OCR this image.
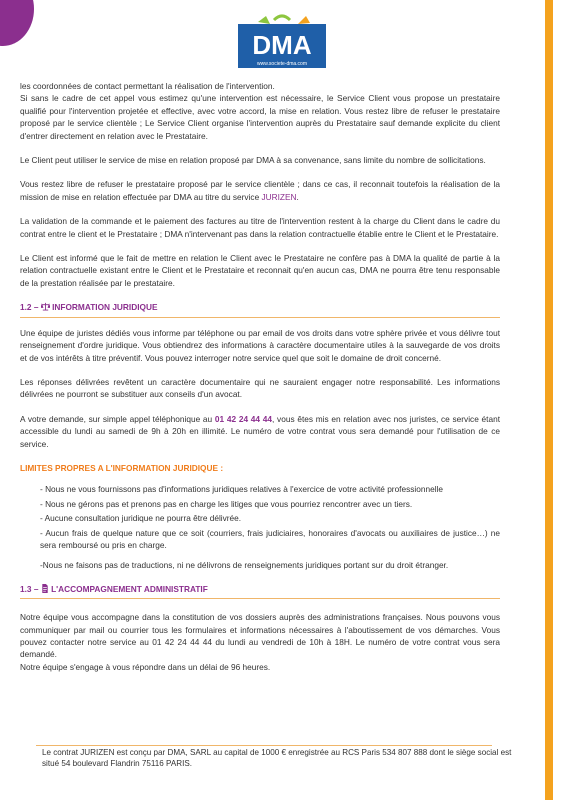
DMA
www.societe-dma.com

les coordonnées de contact permettant la réalisation de l'intervention.

Si sans le cadre de cet appel vous estimez qu'une intervention est nécessaire, le Service Client vous propose un prestataire qualifié pour l'intervention projetée et effective, avec votre accord, la mise en relation. Vous restez libre de refuser le prestataire proposé par le service clientèle ; Le Service Client organise l'intervention auprès du Prestataire sauf demande explicite du client d'entrer directement en relation avec le Prestataire.

Le Client peut utiliser le service de mise en relation proposé par DMA à sa convenance, sans limite du nombre de sollicitations.

Vous restez libre de refuser le prestataire proposé par le service clientèle ; dans ce cas, il reconnait toutefois la réalisation de la mission de mise en relation effectuée par DMA au titre du service JURIZEN.

La validation de la commande et le paiement des factures au titre de l'intervention restent à la charge du Client dans le cadre du contrat entre le client et le Prestataire ; DMA n'intervenant pas dans la relation contractuelle établie entre le Client et le Prestataire.

Le Client est informé que le fait de mettre en relation le Client avec le Prestataire ne confère pas à DMA la qualité de partie à la relation contractuelle existant entre le Client et le Prestataire et reconnait qu'en aucun cas, DMA ne pourra être tenu responsable de la prestation réalisée par le prestataire.

1.2 – INFORMATION JURIDIQUE

Une équipe de juristes dédiés vous informe par téléphone ou par email de vos droits dans votre sphère privée et vous délivre tout renseignement d'ordre juridique. Vous obtiendrez des informations à caractère documentaire utiles à la sauvegarde de vos droits et de vos intérêts à titre préventif. Vous pouvez interroger notre service quel que soit le domaine de droit concerné.

Les réponses délivrées revêtent un caractère documentaire qui ne sauraient engager notre responsabilité. Les informations délivrées ne pourront se substituer aux conseils d'un avocat.

A votre demande, sur simple appel téléphonique au 01 42 24 44 44, vous êtes mis en relation avec nos juristes, ce service étant accessible du lundi au samedi de 9h à 20h en illimité. Le numéro de votre contrat vous sera demandé pour l'utilisation de ce service.

LIMITES PROPRES A L'INFORMATION JURIDIQUE :

- Nous ne vous fournissons pas d'informations juridiques relatives à l'exercice de votre activité professionnelle

- Nous ne gérons pas et prenons pas en charge les litiges que vous pourriez rencontrer avec un tiers.

- Aucune consultation juridique ne pourra être délivrée.

- Aucun frais de quelque nature que ce soit (courriers, frais judiciaires, honoraires d'avocats ou auxiliaires de justice…) ne sera remboursé ou pris en charge.

-Nous ne faisons pas de traductions, ni ne délivrons de renseignements juridiques portant sur du droit étranger.

1.3 – L'ACCOMPAGNEMENT ADMINISTRATIF

Notre équipe vous accompagne dans la constitution de vos dossiers auprès des administrations françaises. Nous pouvons vous communiquer par mail ou courrier tous les formulaires et informations nécessaires à l'aboutissement de vos démarches. Vous pouvez contacter notre service au 01 42 24 44 44 du lundi au vendredi de 10h à 18H. Le numéro de votre contrat vous sera demandé.

Notre équipe s'engage à vous répondre dans un délai de 96 heures.

Le contrat JURIZEN est conçu par DMA, SARL au capital de 1000 € enregistrée au RCS Paris 534 807 888 dont le siège social est situé 54 boulevard Flandrin 75116 PARIS.
